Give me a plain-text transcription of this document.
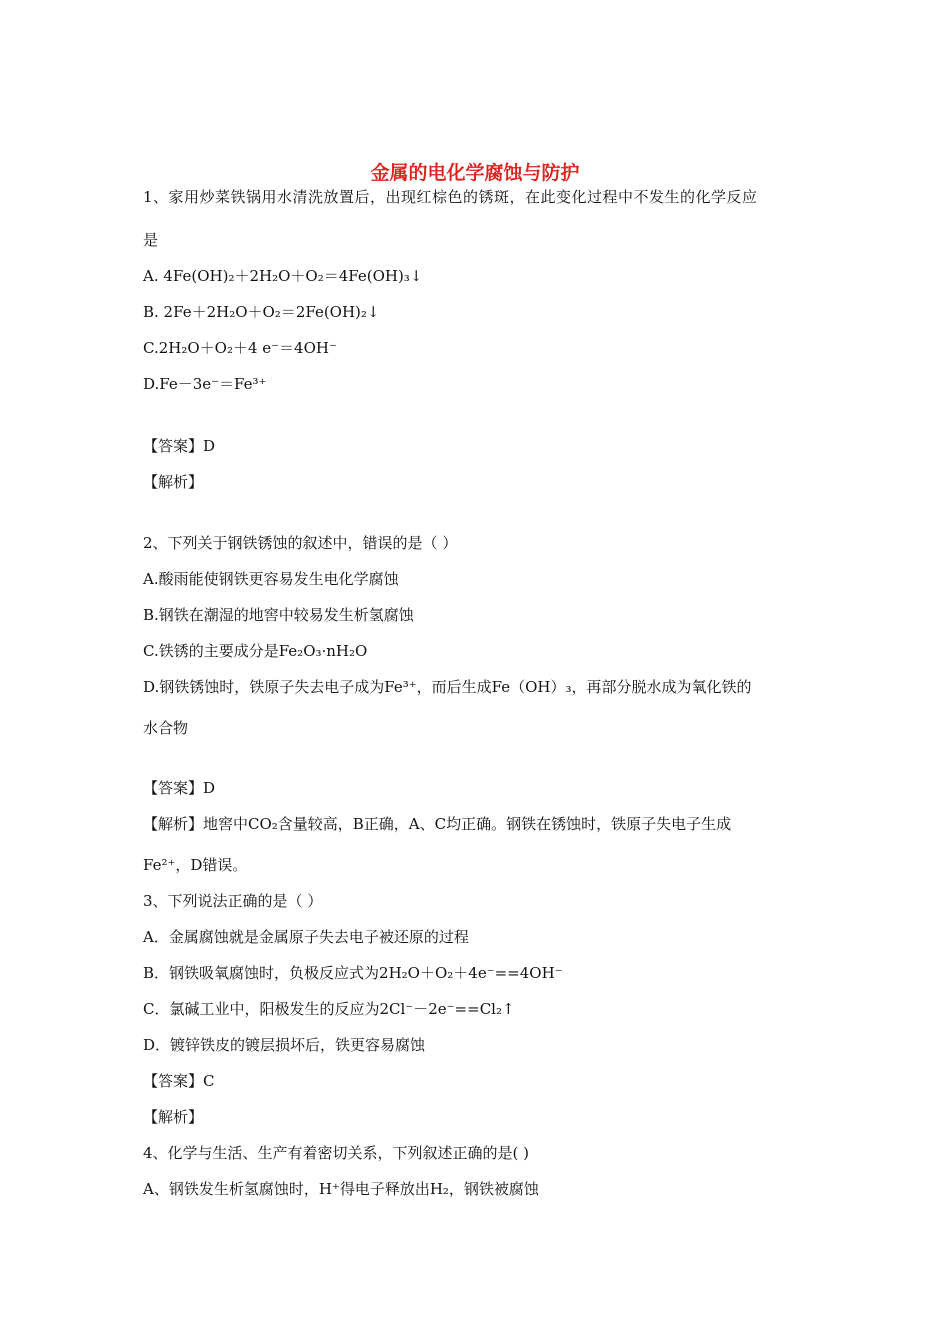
金属的电化学腐蚀与防护
1、家用炒菜铁锅用水清洗放置后，出现红棕色的锈斑，在此变化过程中不发生的化学反应
是
A. 4Fe(OH)₂＋2H₂O＋O₂＝4Fe(OH)₃↓
B. 2Fe＋2H₂O＋O₂＝2Fe(OH)₂↓
C.2H₂O＋O₂＋4 e⁻＝4OH⁻
D.Fe－3e⁻＝Fe³⁺
【答案】D
【解析】
2、下列关于钢铁锈蚀的叙述中，错误的是（ ）
A.酸雨能使钢铁更容易发生电化学腐蚀
B.钢铁在潮湿的地窖中较易发生析氢腐蚀
C.铁锈的主要成分是Fe₂O₃·nH₂O
D.钢铁锈蚀时，铁原子失去电子成为Fe³⁺，而后生成Fe（OH）₃，再部分脱水成为氧化铁的
水合物
【答案】D
【解析】地窖中CO₂含量较高，B正确，A、C均正确。钢铁在锈蚀时，铁原子失电子生成
Fe²⁺，D错误。
3、下列说法正确的是（ ）
A．金属腐蚀就是金属原子失去电子被还原的过程
B．钢铁吸氧腐蚀时，负极反应式为2H₂O＋O₂＋4e⁻==4OH⁻
C．氯碱工业中，阳极发生的反应为2Cl⁻－2e⁻==Cl₂↑
D．镀锌铁皮的镀层损坏后，铁更容易腐蚀
【答案】C
【解析】
4、化学与生活、生产有着密切关系，下列叙述正确的是( )
A、钢铁发生析氢腐蚀时，H⁺得电子释放出H₂，钢铁被腐蚀
